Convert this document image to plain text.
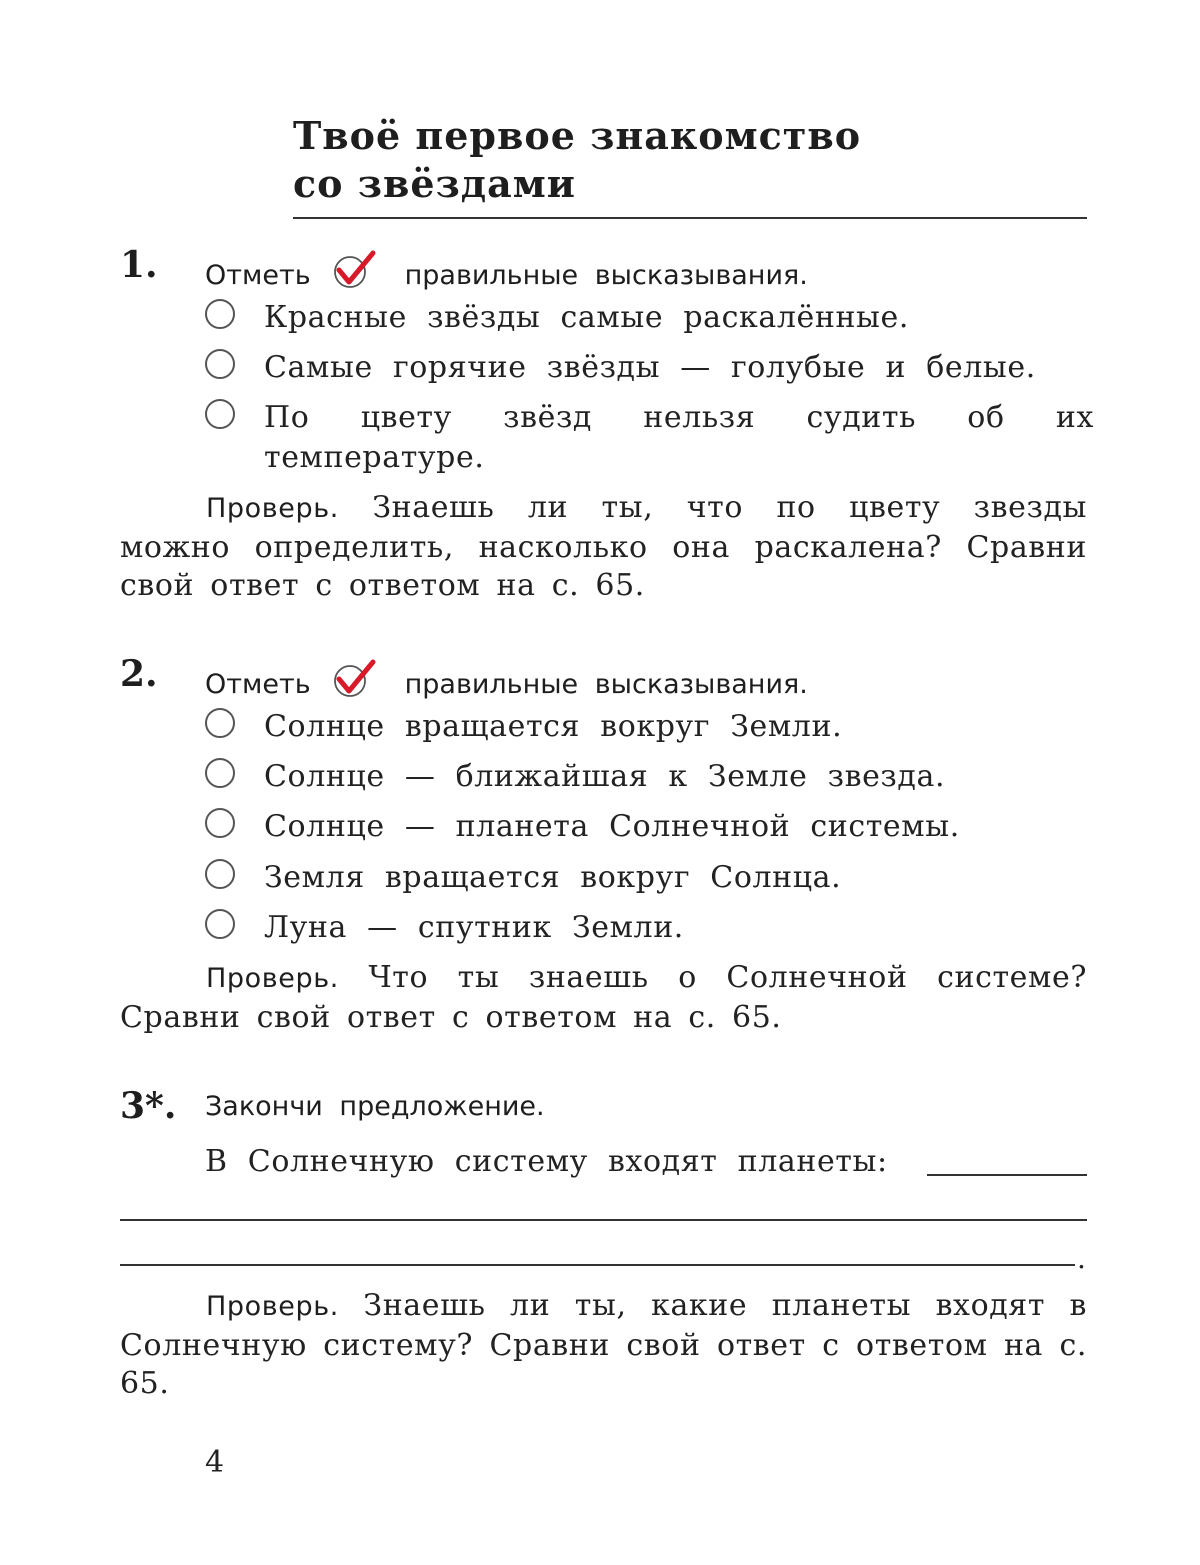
Твоё первое знакомство
со звёздами
1. Отметь	правильные высказывания.
Красные звёзды самые раскалённые.
Самые горячие звёзды — голубые и белые.
По цвету звёзд нельзя судить об их температуре.
Проверь. Знаешь ли ты, что по цвету звезды можно определить, насколько она раскалена? Сравни свой ответ с ответом на с. 65.
2. Отметь	правильные высказывания.
Солнце вращается вокруг Земли.
Солнце — ближайшая к Земле звезда.
Солнце — планета Солнечной системы.
Земля вращается вокруг Солнца.
Луна — спутник Земли.
Проверь. Что ты знаешь о Солнечной системе? Сравни свой ответ с ответом на с. 65.
3*. Закончи предложение.
В Солнечную систему входят планеты:
.
Проверь. Знаешь ли ты, какие планеты входят в Солнечную систему? Сравни свой ответ с ответом на с. 65.
4
